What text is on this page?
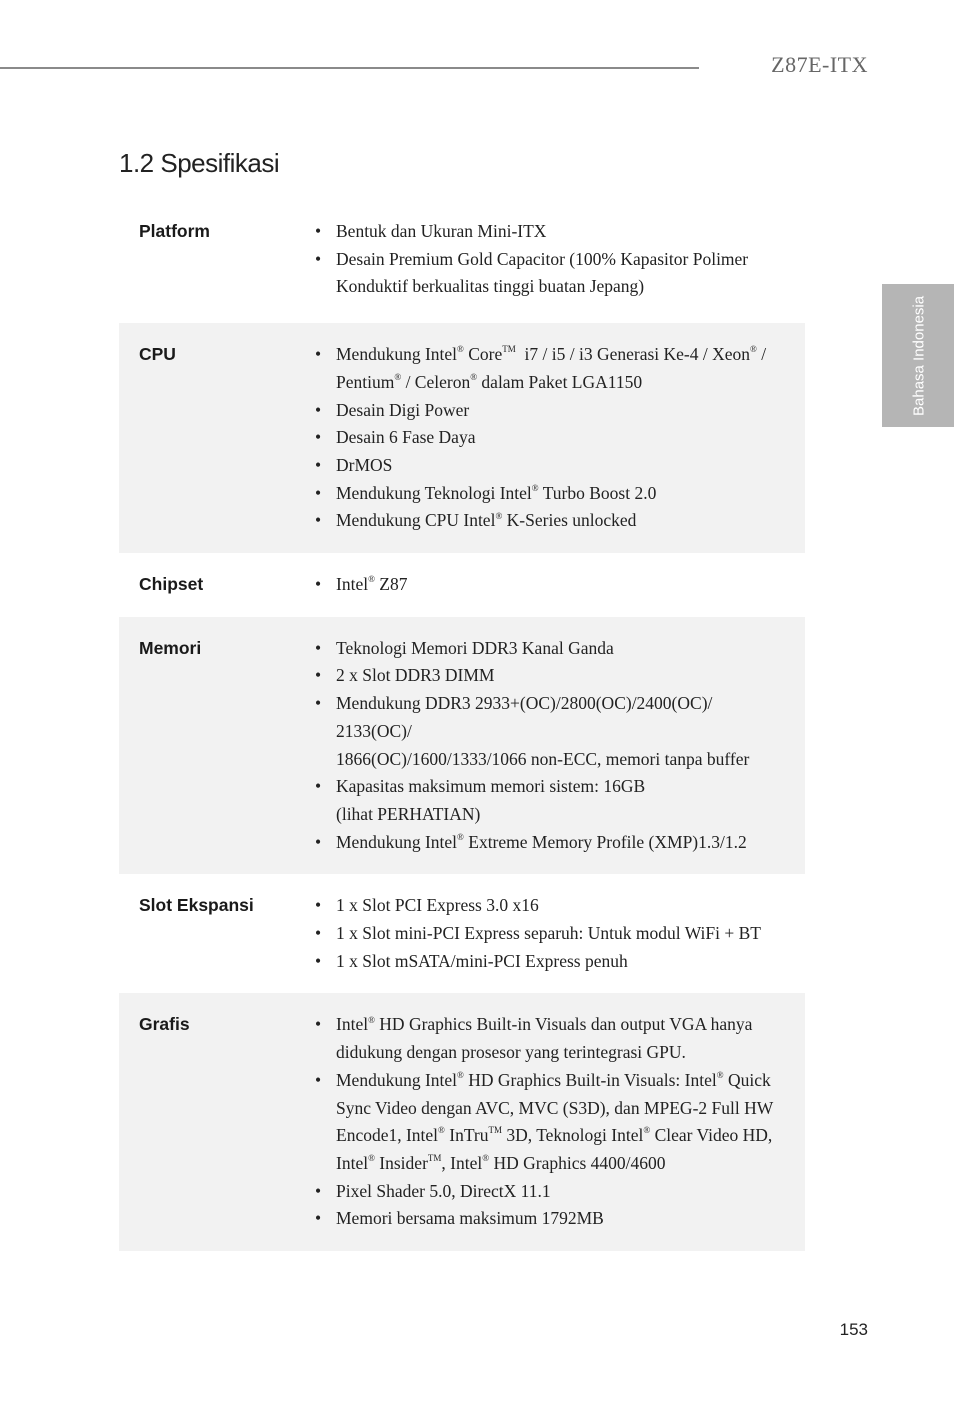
Z87E-ITX
1.2 Spesifikasi
Bahasa Indonesia
Platform	• Bentuk dan Ukuran Mini-ITX
• Desain Premium Gold Capacitor (100% Kapasitor Polimer Konduktif berkualitas tinggi buatan Jepang)
CPU	• Mendukung Intel® Core™  i7 / i5 / i3 Generasi Ke-4 / Xeon® / Pentium® / Celeron® dalam Paket LGA1150
• Desain Digi Power
• Desain 6 Fase Daya
• DrMOS
• Mendukung Teknologi Intel® Turbo Boost 2.0
• Mendukung CPU Intel® K-Series unlocked
Chipset	• Intel® Z87
Memori	• Teknologi Memori DDR3 Kanal Ganda
• 2 x Slot DDR3 DIMM
• Mendukung DDR3 2933+(OC)/2800(OC)/2400(OC)/
2133(OC)/
1866(OC)/1600/1333/1066 non-ECC, memori tanpa buffer
• Kapasitas maksimum memori sistem: 16GB
(lihat PERHATIAN)
• Mendukung Intel® Extreme Memory Profile (XMP)1.3/1.2
Slot Ekspansi	• 1 x Slot PCI Express 3.0 x16
• 1 x Slot mini-PCI Express separuh: Untuk modul WiFi + BT
• 1 x Slot mSATA/mini-PCI Express penuh
Grafis	• Intel® HD Graphics Built-in Visuals dan output VGA hanya didukung dengan prosesor yang terintegrasi GPU.
• Mendukung Intel® HD Graphics Built-in Visuals: Intel® Quick Sync Video dengan AVC, MVC (S3D), dan MPEG-2 Full HW Encode1, Intel® InTru™ 3D, Teknologi Intel® Clear Video HD, Intel® Insider™, Intel® HD Graphics 4400/4600
• Pixel Shader 5.0, DirectX 11.1
• Memori bersama maksimum 1792MB
153
